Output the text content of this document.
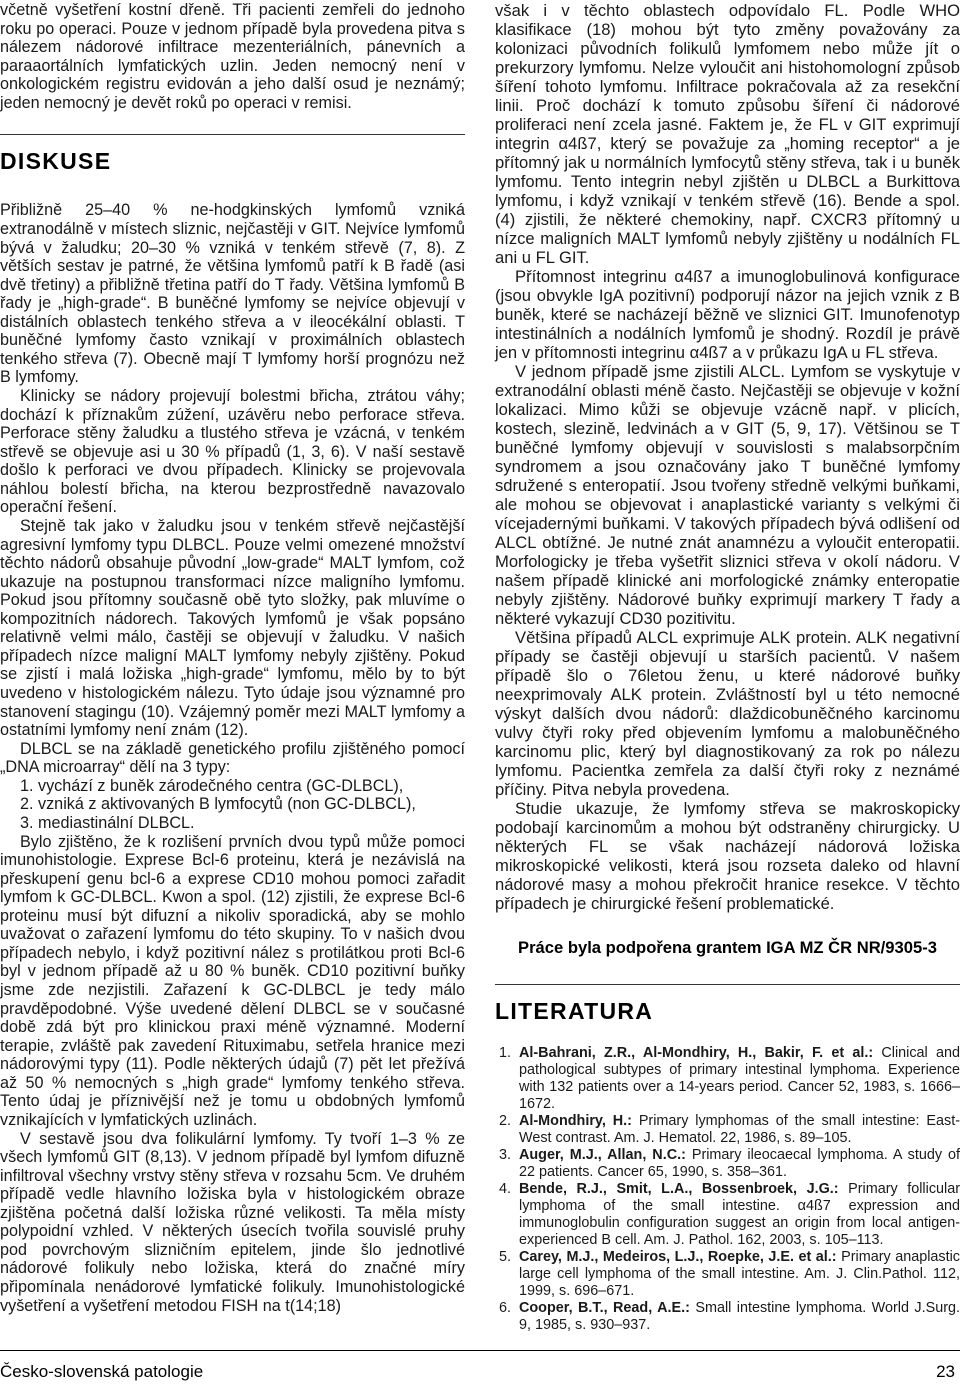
včetně vyšetření kostní dřeně. Tři pacienti zemřeli do jednoho roku po operaci. Pouze v jednom případě byla provedena pitva s nálezem nádorové infiltrace mezenteriálních, pánevních a paraaortálních lymfatických uzlin. Jeden nemocný není v onkologickém registru evidován a jeho další osud je neznámý; jeden nemocný je devět roků po operaci v remisi.

DISKUSE

Přibližně 25–40 % ne-hodgkinských lymfomů vzniká extranodálně v místech sliznic, nejčastěji v GIT. Nejvíce lymfomů bývá v žaludku; 20–30 % vzniká v tenkém střevě (7, 8). Z větších sestav je patrné, že většina lymfomů patří k B řadě (asi dvě třetiny) a přibližně třetina patří do T řady. Většina lymfomů B řady je „high-grade“. B buněčné lymfomy se nejvíce objevují v distálních oblastech tenkého střeva a v ileocékální oblasti. T buněčné lymfomy často vznikají v proximálních oblastech tenkého střeva (7). Obecně mají T lymfomy horší prognózu než B lymfomy.

Klinicky se nádory projevují bolestmi břicha, ztrátou váhy; dochází k příznakům zúžení, uzávěru nebo perforace střeva. Perforace stěny žaludku a tlustého střeva je vzácná, v tenkém střevě se objevuje asi u 30 % případů (1, 3, 6). V naší sestavě došlo k perforaci ve dvou případech. Klinicky se projevovala náhlou bolestí břicha, na kterou bezprostředně navazovalo operační řešení.

Stejně tak jako v žaludku jsou v tenkém střevě nejčastější agresivní lymfomy typu DLBCL. Pouze velmi omezené množství těchto nádorů obsahuje původní „low-grade“ MALT lymfom, což ukazuje na postupnou transformaci nízce maligního lymfomu. Pokud jsou přítomny současně obě tyto složky, pak mluvíme o kompozitních nádorech. Takových lymfomů je však popsáno relativně velmi málo, častěji se objevují v žaludku. V našich případech nízce maligní MALT lymfomy nebyly zjištěny. Pokud se zjistí i malá ložiska „high-grade“ lymfomu, mělo by to být uvedeno v histologickém nálezu. Tyto údaje jsou významné pro stanovení stagingu (10). Vzájemný poměr mezi MALT lymfomy a ostatními lymfomy není znám (12).

DLBCL se na základě genetického profilu zjištěného pomocí „DNA microarray“ dělí na 3 typy:

1. vychází z buněk zárodečného centra (GC-DLBCL),
2. vzniká z aktivovaných B lymfocytů (non GC-DLBCL),
3. mediastinální DLBCL.

Bylo zjištěno, že k rozlišení prvních dvou typů může pomoci imunohistologie. Exprese Bcl-6 proteinu, která je nezávislá na přeskupení genu bcl-6 a exprese CD10 mohou pomoci zařadit lymfom k GC-DLBCL. Kwon a spol. (12) zjistili, že exprese Bcl-6 proteinu musí být difuzní a nikoliv sporadická, aby se mohlo uvažovat o zařazení lymfomu do této skupiny. To v našich dvou případech nebylo, i když pozitivní nález s protilátkou proti Bcl-6 byl v jednom případě až u 80 % buněk. CD10 pozitivní buňky jsme zde nezjistili. Zařazení k GC-DLBCL je tedy málo pravděpodobné. Výše uvedené dělení DLBCL se v současné době zdá být pro klinickou praxi méně významné. Moderní terapie, zvláště pak zavedení Rituximabu, setřela hranice mezi nádorovými typy (11). Podle některých údajů (7) pět let přežívá až 50 % nemocných s „high grade“ lymfomy tenkého střeva. Tento údaj je příznivější než je tomu u obdobných lymfomů vznikajících v lymfatických uzlinách.

V sestavě jsou dva folikulární lymfomy. Ty tvoří 1–3 % ze všech lymfomů GIT (8,13). V jednom případě byl lymfom difuzně infiltroval všechny vrstvy stěny střeva v rozsahu 5cm. Ve druhém případě vedle hlavního ložiska byla v histologickém obraze zjištěna početná další ložiska různé velikosti. Ta měla místy polypoidní vzhled. V některých úsecích tvořila souvislé pruhy pod povrchovým slizničním epitelem, jinde šlo jednotlivé nádorové folikuly nebo ložiska, která do značné míry připomínala nenádorové lymfatické folikuly. Imunohistologické vyšetření a vyšetření metodou FISH na t(14;18)

však i v těchto oblastech odpovídalo FL. Podle WHO klasifikace (18) mohou být tyto změny považovány za kolonizaci původních folikulů lymfomem nebo může jít o prekurzory lymfomu. Nelze vyloučit ani histohomologní způsob šíření tohoto lymfomu. Infiltrace pokračovala až za resekční linii. Proč dochází k tomuto způsobu šíření či nádorové proliferaci není zcela jasné. Faktem je, že FL v GIT exprimují integrin α4ß7, který se považuje za „homing receptor“ a je přítomný jak u normálních lymfocytů stěny střeva, tak i u buněk lymfomu. Tento integrin nebyl zjištěn u DLBCL a Burkittova lymfomu, i když vznikají v tenkém střevě (16). Bende a spol. (4) zjistili, že některé chemokiny, např. CXCR3 přítomný u nízce maligních MALT lymfomů nebyly zjištěny u nodálních FL ani u FL GIT.

Přítomnost integrinu α4ß7 a imunoglobulinová konfigurace (jsou obvykle IgA pozitivní) podporují názor na jejich vznik z B buněk, které se nacházejí běžně ve sliznici GIT. Imunofenotyp intestinálních a nodálních lymfomů je shodný. Rozdíl je právě jen v přítomnosti integrinu α4ß7 a v průkazu IgA u FL střeva.

V jednom případě jsme zjistili ALCL. Lymfom se vyskytuje v extranodální oblasti méně často. Nejčastěji se objevuje v kožní lokalizaci. Mimo kůži se objevuje vzácně např. v plicích, kostech, slezině, ledvinách a v GIT (5, 9, 17). Většinou se T buněčné lymfomy objevují v souvislosti s malabsorpčním syndromem a jsou označovány jako T buněčné lymfomy sdružené s enteropatií. Jsou tvořeny středně velkými buňkami, ale mohou se objevovat i anaplastické varianty s velkými či vícejadernými buňkami. V takových případech bývá odlišení od ALCL obtížné. Je nutné znát anamnézu a vyloučit enteropatii. Morfologicky je třeba vyšetřit sliznici střeva v okolí nádoru. V našem případě klinické ani morfologické známky enteropatie nebyly zjištěny. Nádorové buňky exprimují markery T řady a některé vykazují CD30 pozitivitu.

Většina případů ALCL exprimuje ALK protein. ALK negativní případy se častěji objevují u starších pacientů. V našem případě šlo o 76letou ženu, u které nádorové buňky neexprimovaly ALK protein. Zvláštností byl u této nemocné výskyt dalších dvou nádorů: dlaždicobuněčného karcinomu vulvy čtyři roky před objevením lymfomu a malobuněčného karcinomu plic, který byl diagnostikovaný za rok po nálezu lymfomu. Pacientka zemřela za další čtyři roky z neznámé příčiny. Pitva nebyla provedena.

Studie ukazuje, že lymfomy střeva se makroskopicky podobají karcinomům a mohou být odstraněny chirurgicky. U některých FL se však nacházejí nádorová ložiska mikroskopické velikosti, která jsou rozseta daleko od hlavní nádorové masy a mohou překročit hranice resekce. V těchto případech je chirurgické řešení problematické.

Práce byla podpořena grantem IGA MZ ČR NR/9305-3
LITERATURA
1. Al-Bahrani, Z.R., Al-Mondhiry, H., Bakir, F. et al.: Clinical and pathological subtypes of primary intestinal lymphoma. Experience with 132 patients over a 14-years period. Cancer 52, 1983, s. 1666–1672.
2. Al-Mondhiry, H.: Primary lymphomas of the small intestine: East-West contrast. Am. J. Hematol. 22, 1986, s. 89–105.
3. Auger, M.J., Allan, N.C.: Primary ileocaecal lymphoma. A study of 22 patients. Cancer 65, 1990, s. 358–361.
4. Bende, R.J., Smit, L.A., Bossenbroek, J.G.: Primary follicular lymphoma of the small intestine. α4ß7 expression and immunoglobulin configuration suggest an origin from local antigen-experienced B cell. Am. J. Pathol. 162, 2003, s. 105–113.
5. Carey, M.J., Medeiros, L.J., Roepke, J.E. et al.: Primary anaplastic large cell lymphoma of the small intestine. Am. J. Clin.Pathol. 112, 1999, s. 696–671.
6. Cooper, B.T., Read, A.E.: Small intestine lymphoma. World J.Surg. 9, 1985, s. 930–937.
Česko-slovenská patologie	23
